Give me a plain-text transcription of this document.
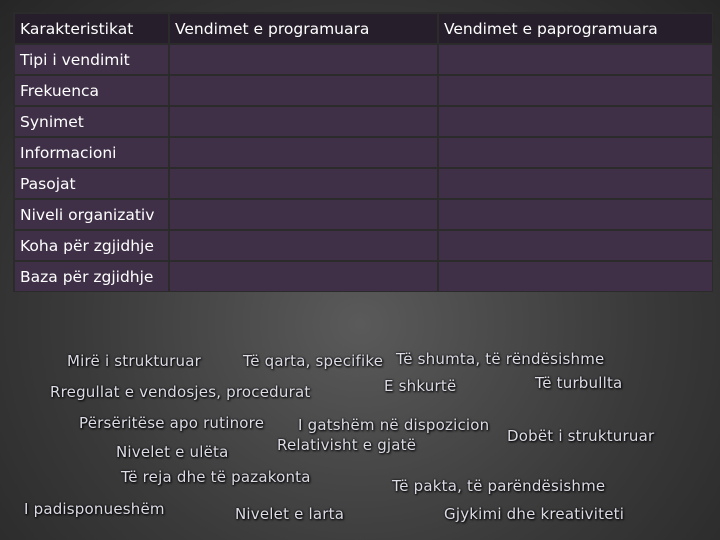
Karakteristikat	Vendimet e programuara	Vendimet e paprogramuara
Tipi i vendimit
Frekuenca
Synimet
Informacioni
Pasojat
Niveli organizativ
Koha për zgjidhje
Baza për zgjidhje
Mirë i strukturuar	Të qarta, specifike Të shumta, të rëndësishme
Rregullat e vendosjes, procedurat	E shkurtë	Të turbullta
Përsëritëse apo rutinore I gatshëm në dispozicion
Dobët i strukturuar
Nivelet e ulëta	Relativisht e gjatë
Të reja dhe të pazakonta	Të pakta, të parëndësishme
I padisponueshëm	Nivelet e larta	Gjykimi dhe kreativiteti
